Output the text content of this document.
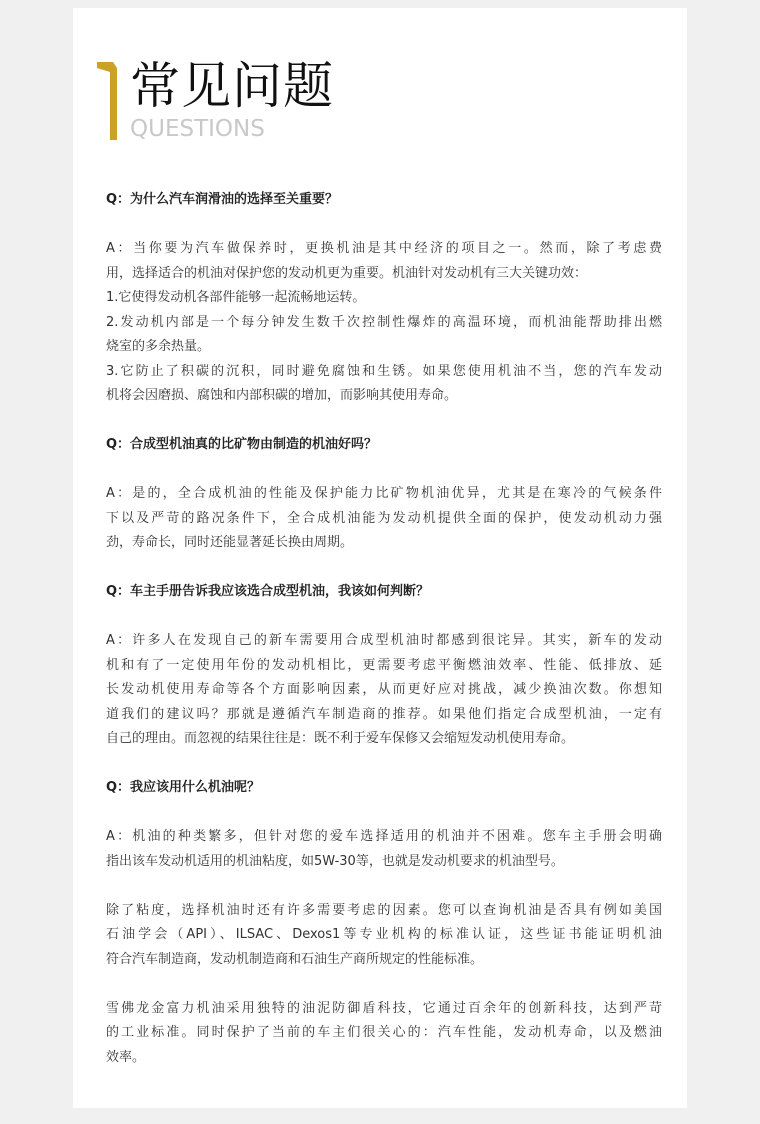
常见问题
QUESTIONS
Q：为什么汽车润滑油的选择至关重要？
A：当你要为汽车做保养时，更换机油是其中经济的项目之一。然而，除了考虑费
用，选择适合的机油对保护您的发动机更为重要。机油针对发动机有三大关键功效：
1.它使得发动机各部件能够一起流畅地运转。
2.发动机内部是一个每分钟发生数千次控制性爆炸的高温环境，而机油能帮助排出燃
烧室的多余热量。
3.它防止了积碳的沉积，同时避免腐蚀和生锈。如果您使用机油不当，您的汽车发动
机将会因磨损、腐蚀和内部积碳的增加，而影响其使用寿命。
Q：合成型机油真的比矿物由制造的机油好吗？
A：是的，全合成机油的性能及保护能力比矿物机油优异，尤其是在寒冷的气候条件
下以及严苛的路况条件下，全合成机油能为发动机提供全面的保护，使发动机动力强
劲，寿命长，同时还能显著延长换由周期。
Q：车主手册告诉我应该选合成型机油，我该如何判断？
A：许多人在发现自己的新车需要用合成型机油时都感到很诧异。其实，新车的发动
机和有了一定使用年份的发动机相比，更需要考虑平衡燃油效率、性能、低排放、延
长发动机使用寿命等各个方面影响因素，从而更好应对挑战，减少换油次数。你想知
道我们的建议吗？那就是遵循汽车制造商的推荐。如果他们指定合成型机油，一定有
自己的理由。而忽视的结果往往是：既不利于爱车保修又会缩短发动机使用寿命。
Q：我应该用什么机油呢？
A：机油的种类繁多，但针对您的爱车选择适用的机油并不困难。您车主手册会明确
指出该车发动机适用的机油粘度，如5W-30等，也就是发动机要求的机油型号。
除了粘度，选择机油时还有许多需要考虑的因素。您可以查询机油是否具有例如美国
石油学会（API）、ILSAC、Dexos1等专业机构的标准认证，这些证书能证明机油
符合汽车制造商，发动机制造商和石油生产商所规定的性能标准。
雪佛龙金富力机油采用独特的油泥防御盾科技，它通过百余年的创新科技，达到严苛
的工业标准。同时保护了当前的车主们很关心的：汽车性能，发动机寿命，以及燃油
效率。
